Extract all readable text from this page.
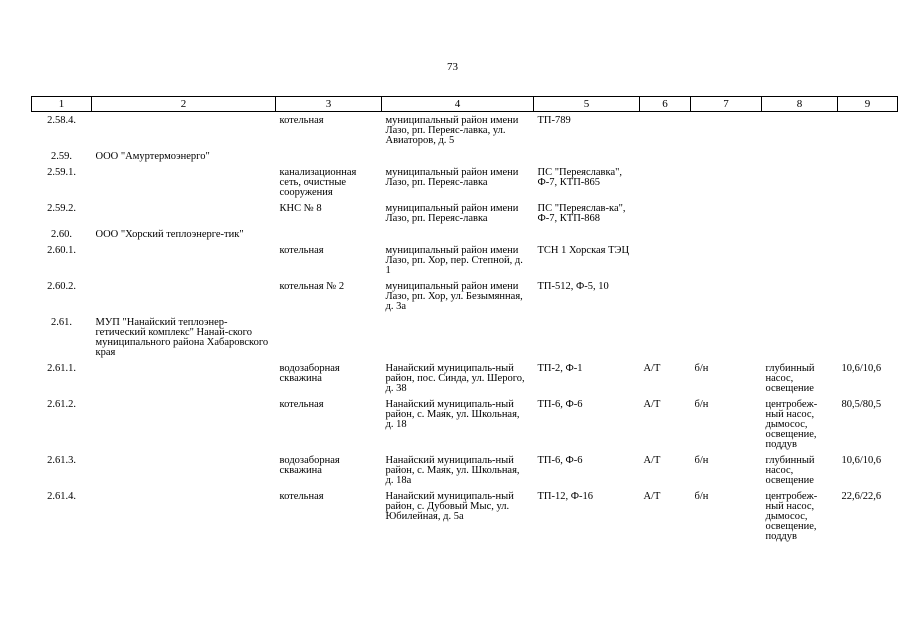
73
1	2	3	4	5	6	7	8	9
2.58.4.		котельная	муниципальный район имени Лазо, рп. Переяс-лавка, ул. Авиаторов, д. 5	ТП-789				
2.59.	ООО "Амуртермоэнерго"							
2.59.1.		канализационная сеть, очистные сооружения	муниципальный район имени Лазо, рп. Переяс-лавка	ПС "Переяславка", Ф-7, КТП-865				
2.59.2.		КНС № 8	муниципальный район имени Лазо, рп. Переяс-лавка	ПС "Переяслав-ка", Ф-7, КТП-868				
2.60.	ООО "Хорский теплоэнерге-тик"							
2.60.1.		котельная	муниципальный район имени Лазо, рп. Хор, пер. Степной, д. 1	ТСН 1 Хорская ТЭЦ				
2.60.2.		котельная № 2	муниципальный район имени Лазо, рп. Хор, ул. Безымянная, д. 3а	ТП-512, Ф-5, 10				
2.61.	МУП "Нанайский теплоэнер-гетический комплекс" Нанай-ского муниципального района Хабаровского края							
2.61.1.		водозаборная скважина	Нанайский муниципаль-ный район, пос. Синда, ул. Шерого, д. 38	ТП-2, Ф-1	А/Т	б/н	глубинный насос, освещение	10,6/10,6
2.61.2.		котельная	Нанайский муниципаль-ный район, с. Маяк, ул. Школьная, д. 18	ТП-6, Ф-6	А/Т	б/н	центробеж-ный насос, дымосос, освещение, поддув	80,5/80,5
2.61.3.		водозаборная скважина	Нанайский муниципаль-ный район, с. Маяк, ул. Школьная, д. 18а	ТП-6, Ф-6	А/Т	б/н	глубинный насос, освещение	10,6/10,6
2.61.4.		котельная	Нанайский муниципаль-ный район, с. Дубовый Мыс, ул. Юбилейная, д. 5а	ТП-12, Ф-16	А/Т	б/н	центробеж-ный насос, дымосос, освещение, поддув	22,6/22,6
